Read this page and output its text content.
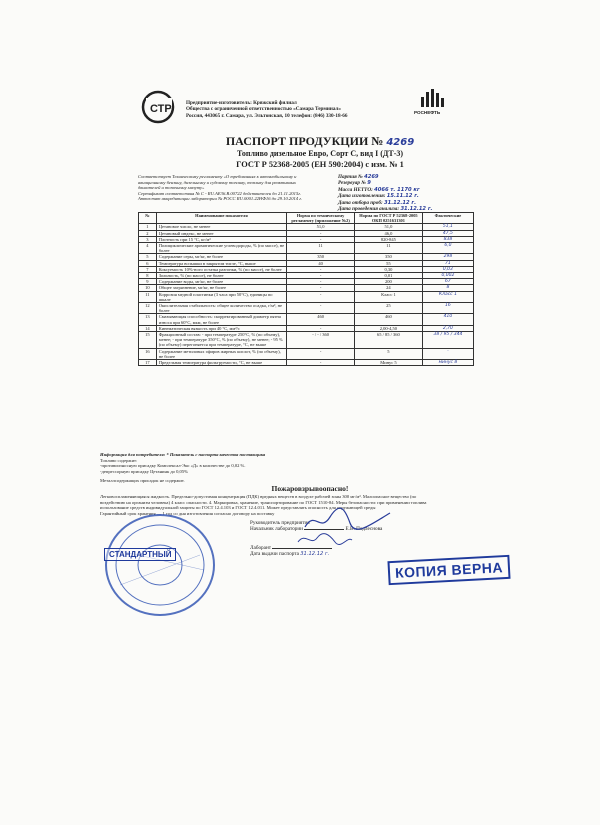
СТР	Предприятие-изготовитель: Кряжский филиал
Общества с ограниченной ответственностью «Самара Терминал»
Россия, 443065 г. Самара, ул. Эльтонская, 10 телефон: (846) 330-18-66
РОСНЕФТЬ
ПАСПОРТ ПРОДУКЦИИ № 4269
Топливо дизельное Евро, Сорт С, вид I (ДТ-3)
ГОСТ Р 52368-2005 (ЕН 590:2004) с изм. № 1
Соответствует Техническому регламенту «О требованиях к автомобильному и
авиационному бензину, дизельному и судовому топливу, топливу для реактивных
двигателей и топочному мазуту»
Сертификат соответствия № С - RU.AE36.B.00722 действителен до 21.11.2015г.
Аттестат аккредитации лаборатории № РОСС RU.0001.22НФ16 до 29.10.2014 г.
Партия № 4269
Резервуар № 9
Масса НЕТТО: 4066 т. 1170 кг
Дата изготовления: 15.11.12 г.
Дата отбора проб: 31.12.12 г.
Дата проведения анализа: 31.12.12 г.
№	Наименование показателя	Норма по техническому регламенту (приложение №2)	Норма по ГОСТ Р 52368-2005 ОКП 0251631301	Фактические
1	Цетановое число, не менее	51,0	51,0	51,1
2	Цетановый индекс, не менее	-	46,0	47,5
3	Плотность при 15 °С, кг/м³	-	820-845	838
4	Полициклические ароматические углеводороды, % (по массе), не более	11	11	6,0
5	Содержание серы, мг/кг, не более	350	350	298
6	Температура вспышки в закрытом тигле, °С, выше	40	55	71
7	Коксуемость 10%-ного остатка разгонки, % (по массе), не более	-	0,30	0,03
8	Зольность, % (по массе), не более	-	0,01	0,002
9	Содержание воды, мг/кг, не более	-	200	67
10	Общее загрязнение, мг/кг, не более	-	24	8
11	Коррозия медной пластинки (3 часа при 50°С), единицы по шкале	-	Класс 1	Класс 1
12	Окислительная стабильность: общее количество осадка, г/м³, не более	-	25	16
13	Смазывающая способность: скорректированный диаметр пятна износа при 60°С, мкм, не более	460	460	410
14	Кинематическая вязкость при 40 °С, мм²/с	-	2,00-4,50	2,70
15	Фракционный состав: - при температуре 250°С, % (по объему), менее; - при температуре 350°С, % (по объему), не менее; - 95 % (по объему) перегоняется при температуре, °С, не выше	- / - / 360	65 / 85 / 360	38 / 95 / 344
16	Содержание метиловых эфиров жирных кислот, % (по объему), не более	-	5	-
17	Предельная температура фильтруемости, °С, не выше	-	Минус 5	минус 8
Информация для потребителя: * Показатель с паспорта качества поставщика
Топливо содержит:
-противоизносную присадку Комплексал-Эко «Д» в количестве до 0,02 %.
-депрессорную присадку Цетанинк до 0,05%
Металлсодержащих присадок не содержит.
Пожаровзрывоопасно!
Легковоспламеняющаяся жидкость. Предельно-допустимая концентрация (ПДК) вредных веществ в воздухе рабочей зоны 300 мг/м³. Малоопасное вещество (по
воздействию на организм человека) 4 класс опасности. 4. Маркировка, хранение, транспортирование по ГОСТ 1510-84. Меры безопасности: при применении топлива
использование средств индивидуальной защиты по ГОСТ 12.4.103 и ГОСТ 12.4.011. Может представлять опасность для окружающей среды
Гарантийный срок хранения — 1 год со дня изготовления согласно договору на поставку
Руководитель предприятия
Начальник лаборатории	Е.В. Подлеснова
Лаборант
Дата выдачи паспорта 31.12.12 г.
СТАНДАРТНЫЙ
КОПИЯ ВЕРНА
